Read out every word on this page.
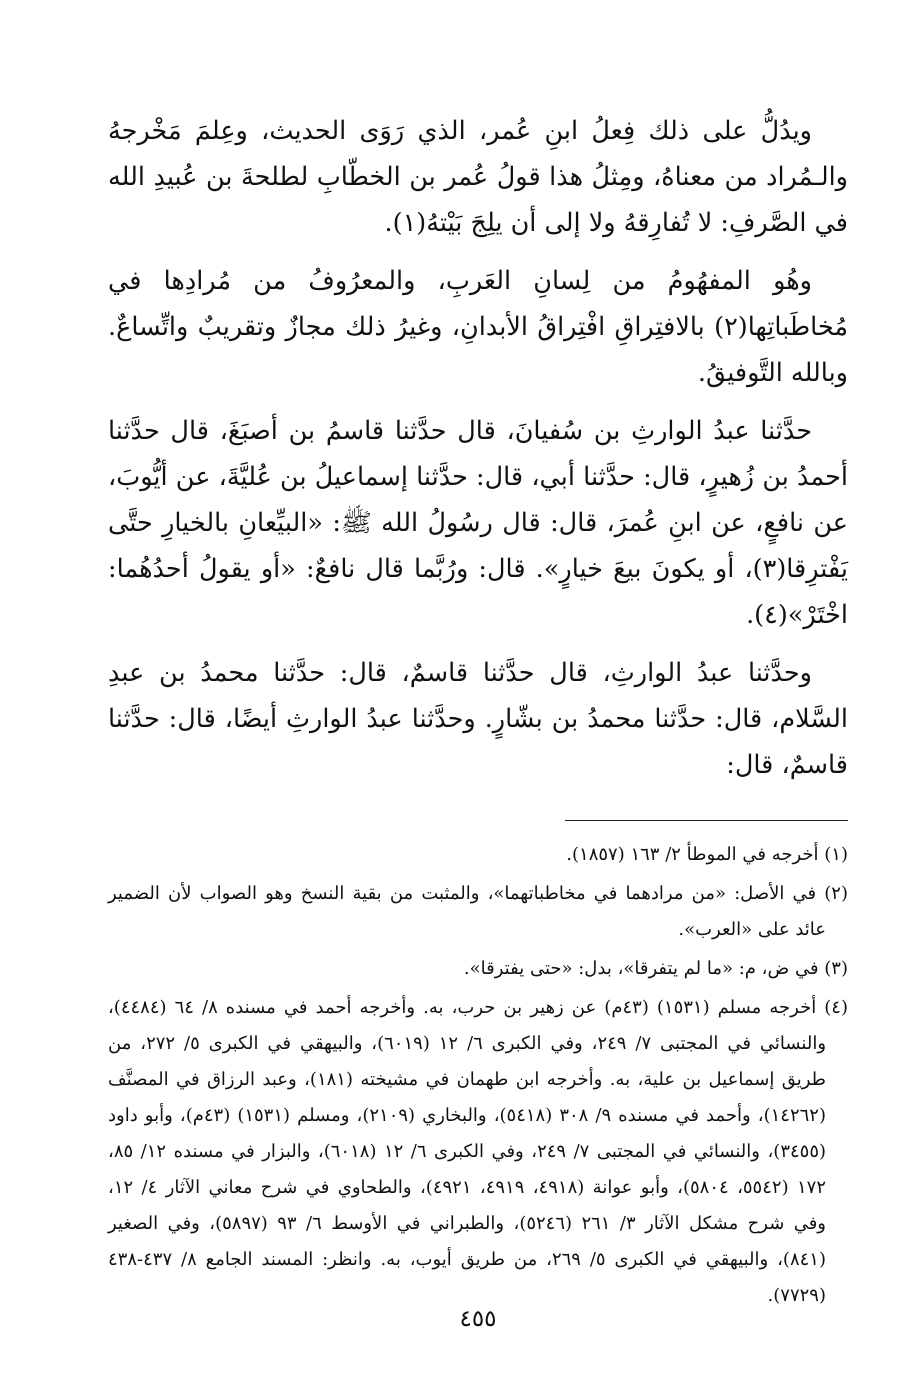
ويدُلُّ على ذلك فِعلُ ابنِ عُمر، الذي رَوَى الحديث، وعِلمَ مَخْرجهُ والـمُراد من معناهُ، ومِثلُ هذا قولُ عُمر بن الخطّابِ لطلحةَ بن عُبيدِ الله في الصَّرفِ: لا تُفارِقهُ ولا إلى أن يلِجَ بَيْتهُ(١).

وهُو المفهُومُ من لِسانِ العَربِ، والمعرُوفُ من مُرادِها في مُخاطَباتِها(٢) بالافتِراقِ افْتِراقُ الأبدانِ، وغيرُ ذلك مجازٌ وتقريبٌ واتِّساعٌ. وبالله التَّوفيقُ.

حدَّثنا عبدُ الوارثِ بن سُفيانَ، قال حدَّثنا قاسمُ بن أصبَغَ، قال حدَّثنا أحمدُ بن زُهيرٍ، قال: حدَّثنا أبي، قال: حدَّثنا إسماعيلُ بن عُليَّةَ، عن أيُّوبَ، عن نافعٍ، عن ابنِ عُمرَ، قال: قال رسُولُ الله ﷺ: «البيِّعانِ بالخيارِ حتَّى يَفْترِقا(٣)، أو يكونَ بيعَ خيارٍ». قال: ورُبَّما قال نافعٌ: «أو يقولُ أحدُهُما: اخْتَرْ»(٤).

وحدَّثنا عبدُ الوارثِ، قال حدَّثنا قاسمٌ، قال: حدَّثنا محمدُ بن عبدِ السَّلام، قال: حدَّثنا محمدُ بن بشّارٍ. وحدَّثنا عبدُ الوارثِ أيضًا، قال: حدَّثنا قاسمٌ، قال:

(١) أخرجه في الموطأ ٢/ ١٦٣ (١٨٥٧).

(٢) في الأصل: «من مرادهما في مخاطباتهما»، والمثبت من بقية النسخ وهو الصواب لأن الضمير عائد على «العرب».

(٣) في ض، م: «ما لم يتفرقا»، بدل: «حتى يفترقا».

(٤) أخرجه مسلم (١٥٣١) (٤٣م) عن زهير بن حرب، به. وأخرجه أحمد في مسنده ٨/ ٦٤ (٤٤٨٤)، والنسائي في المجتبى ٧/ ٢٤٩، وفي الكبرى ٦/ ١٢ (٦٠١٩)، والبيهقي في الكبرى ٥/ ٢٧٢، من طريق إسماعيل بن علية، به. وأخرجه ابن طهمان في مشيخته (١٨١)، وعبد الرزاق في المصنَّف (١٤٢٦٢)، وأحمد في مسنده ٩/ ٣٠٨ (٥٤١٨)، والبخاري (٢١٠٩)، ومسلم (١٥٣١) (٤٣م)، وأبو داود (٣٤٥٥)، والنسائي في المجتبى ٧/ ٢٤٩، وفي الكبرى ٦/ ١٢ (٦٠١٨)، والبزار في مسنده ١٢/ ٨٥، ١٧٢ (٥٥٤٢، ٥٨٠٤)، وأبو عوانة (٤٩١٨، ٤٩١٩، ٤٩٢١)، والطحاوي في شرح معاني الآثار ٤/ ١٢، وفي شرح مشكل الآثار ٣/ ٢٦١ (٥٢٤٦)، والطبراني في الأوسط ٦/ ٩٣ (٥٨٩٧)، وفي الصغير (٨٤١)، والبيهقي في الكبرى ٥/ ٢٦٩، من طريق أيوب، به. وانظر: المسند الجامع ٨/ ٤٣٧-٤٣٨ (٧٧٢٩).

٤٥٥
